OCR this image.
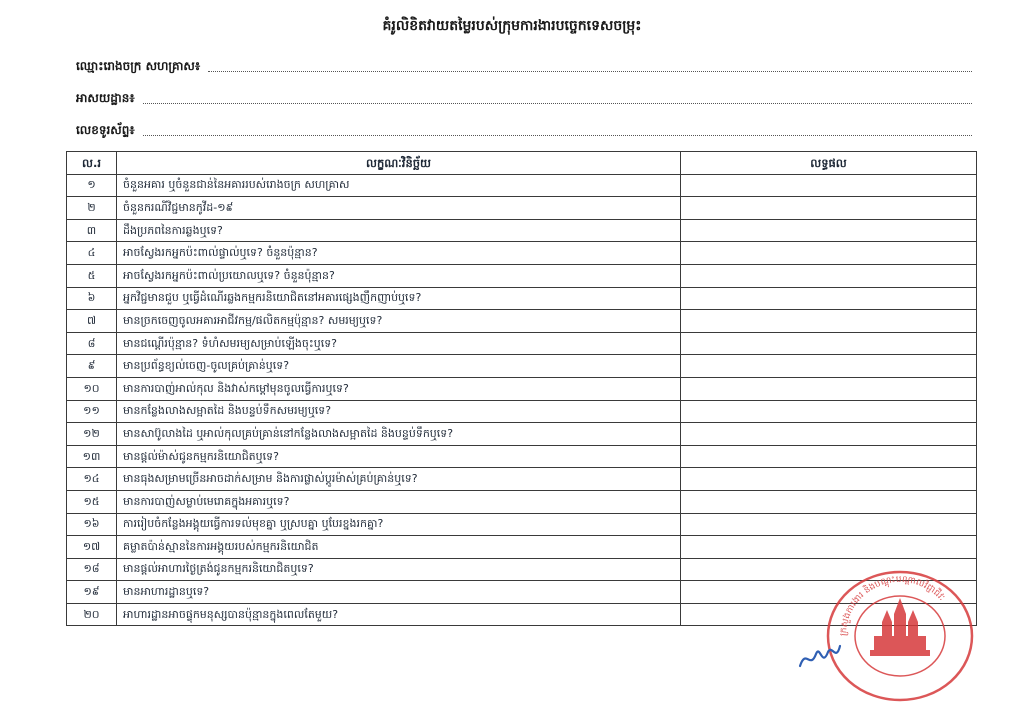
គំរូលិខិតវាយតម្លៃរបស់ក្រុមការងារបច្ចេកទេសចម្រុះ
ឈ្មោះរោងចក្រ សហគ្រាស៖
អាសយដ្ឋាន៖
លេខទូរស័ព្ទ៖
ល.រ	លក្ខណៈវិនិច្ឆ័យ	លទ្ធផល
១	ចំនួនអគារ ឬចំនួនជាន់នៃអគាររបស់រោងចក្រ សហគ្រាស	
២	ចំនួនករណីវិជ្ជមានកូវីដ-១៩	
៣	ដឹងប្រភពនៃការឆ្លងឬទេ?	
៤	អាចស្វែងរកអ្នកប៉ះពាល់ផ្ទាល់ឬទេ? ចំនួនប៉ុន្មាន?	
៥	អាចស្វែងរកអ្នកប៉ះពាល់ប្រយោលឬទេ? ចំនួនប៉ុន្មាន?	
៦	អ្នកវិជ្ជមានជួប ឬធ្វើដំណើរឆ្លងកម្មករនិយោជិតនៅអគារផ្សេងញឹកញាប់ឬទេ?	
៧	មានច្រកចេញចូលអគារអាជីវកម្ម/ផលិតកម្មប៉ុន្មាន? សមរម្យឬទេ?	
៨	មានជណ្តើរប៉ុន្មាន? ទំហំសមរម្យសម្រាប់ឡើងចុះឬទេ?	
៩	មានប្រព័ន្ធខ្យល់ចេញ-ចូលគ្រប់គ្រាន់ឬទេ?	
១០	មានការបាញ់អាល់កុល និងវាស់កម្តៅមុនចូលធ្វើការឬទេ?	
១១	មានកន្លែងលាងសម្អាតដៃ និងបន្ទប់ទឹកសមរម្យឬទេ?	
១២	មានសាប៊ូលាងដៃ ឬអាល់កុលគ្រប់គ្រាន់នៅកន្លែងលាងសម្អាតដៃ និងបន្ទប់ទឹកឬទេ?	
១៣	មានផ្តល់ម៉ាស់ជូនកម្មករនិយោជិតឬទេ?	
១៤	មានធុងសម្រាមច្រើនអាចដាក់សម្រាម និងការផ្លាស់ប្តូរម៉ាស់គ្រប់គ្រាន់ឬទេ?	
១៥	មានការបាញ់សម្លាប់មេរោគក្នុងអគារឬទេ?	
១៦	ការរៀបចំកន្លែងអង្គុយធ្វើការទល់មុខគ្នា ឬស្របគ្នា ឬបែរខ្នងរកគ្នា?	
១៧	គម្លាតប៉ាន់ស្មាននៃការអង្គុយរបស់កម្មករនិយោជិត	
១៨	មានផ្តល់អាហារថ្ងៃត្រង់ជូនកម្មករនិយោជិតឬទេ?	
១៩	មានអាហារដ្ឋានឬទេ?	
២០	អាហារដ្ឋានអាចផ្ទុកមនុស្សបានប៉ុន្មានក្នុងពេលតែមួយ?	
ក្រសួងការងារ និងបណ្តុះបណ្តាលវិជ្ជាជីវៈ
